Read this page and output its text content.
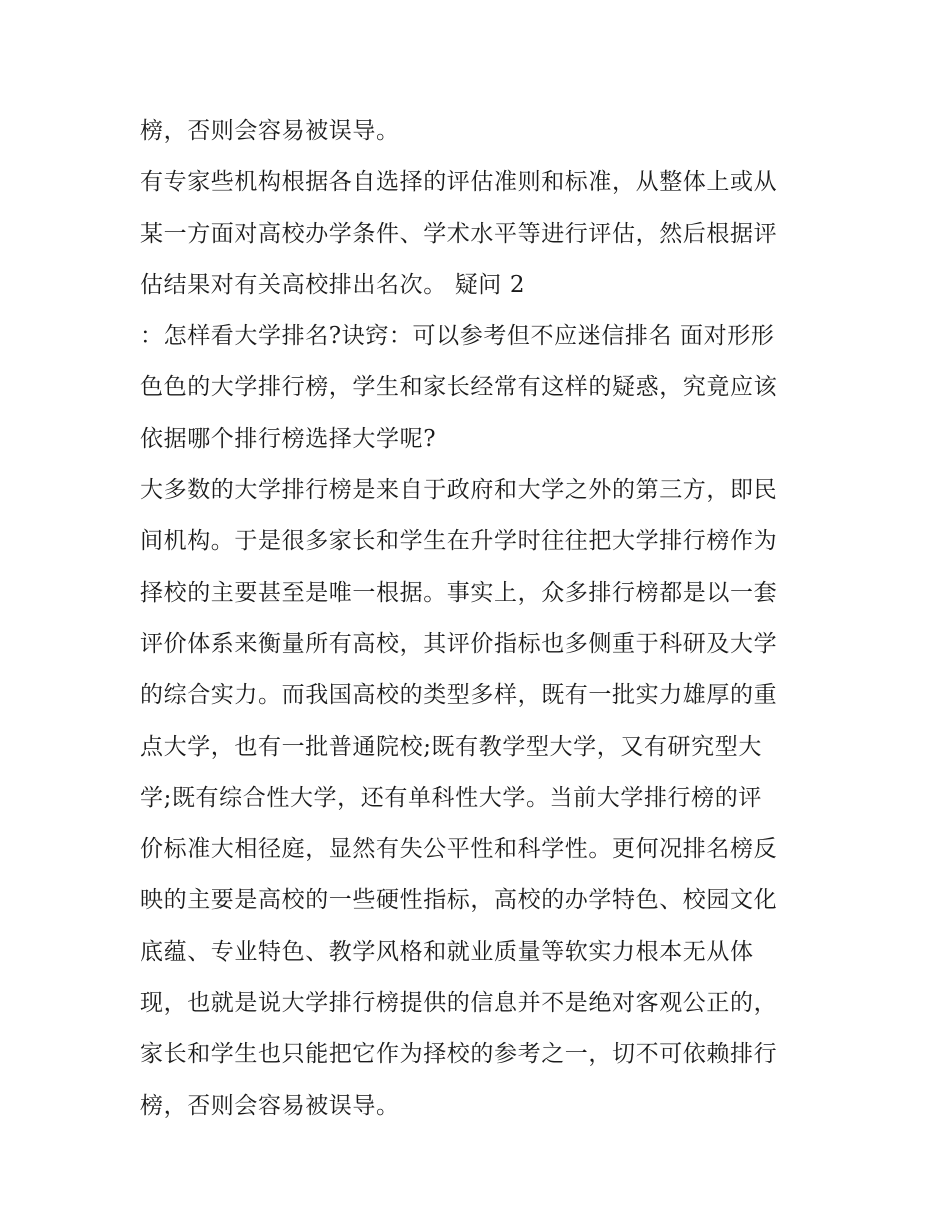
榜，否则会容易被误导。
有专家些机构根据各自选择的评估准则和标准，从整体上或从
某一方面对高校办学条件、学术水平等进行评估，然后根据评
估结果对有关高校排出名次。 疑问 2
：怎样看大学排名?诀窍：可以参考但不应迷信排名 面对形形
色色的大学排行榜，学生和家长经常有这样的疑惑，究竟应该
依据哪个排行榜选择大学呢?
大多数的大学排行榜是来自于政府和大学之外的第三方，即民
间机构。于是很多家长和学生在升学时往往把大学排行榜作为
择校的主要甚至是唯一根据。事实上，众多排行榜都是以一套
评价体系来衡量所有高校，其评价指标也多侧重于科研及大学
的综合实力。而我国高校的类型多样，既有一批实力雄厚的重
点大学，也有一批普通院校;既有教学型大学，又有研究型大
学;既有综合性大学，还有单科性大学。当前大学排行榜的评
价标准大相径庭，显然有失公平性和科学性。更何况排名榜反
映的主要是高校的一些硬性指标，高校的办学特色、校园文化
底蕴、专业特色、教学风格和就业质量等软实力根本无从体
现，也就是说大学排行榜提供的信息并不是绝对客观公正的，
家长和学生也只能把它作为择校的参考之一，切不可依赖排行
榜，否则会容易被误导。
